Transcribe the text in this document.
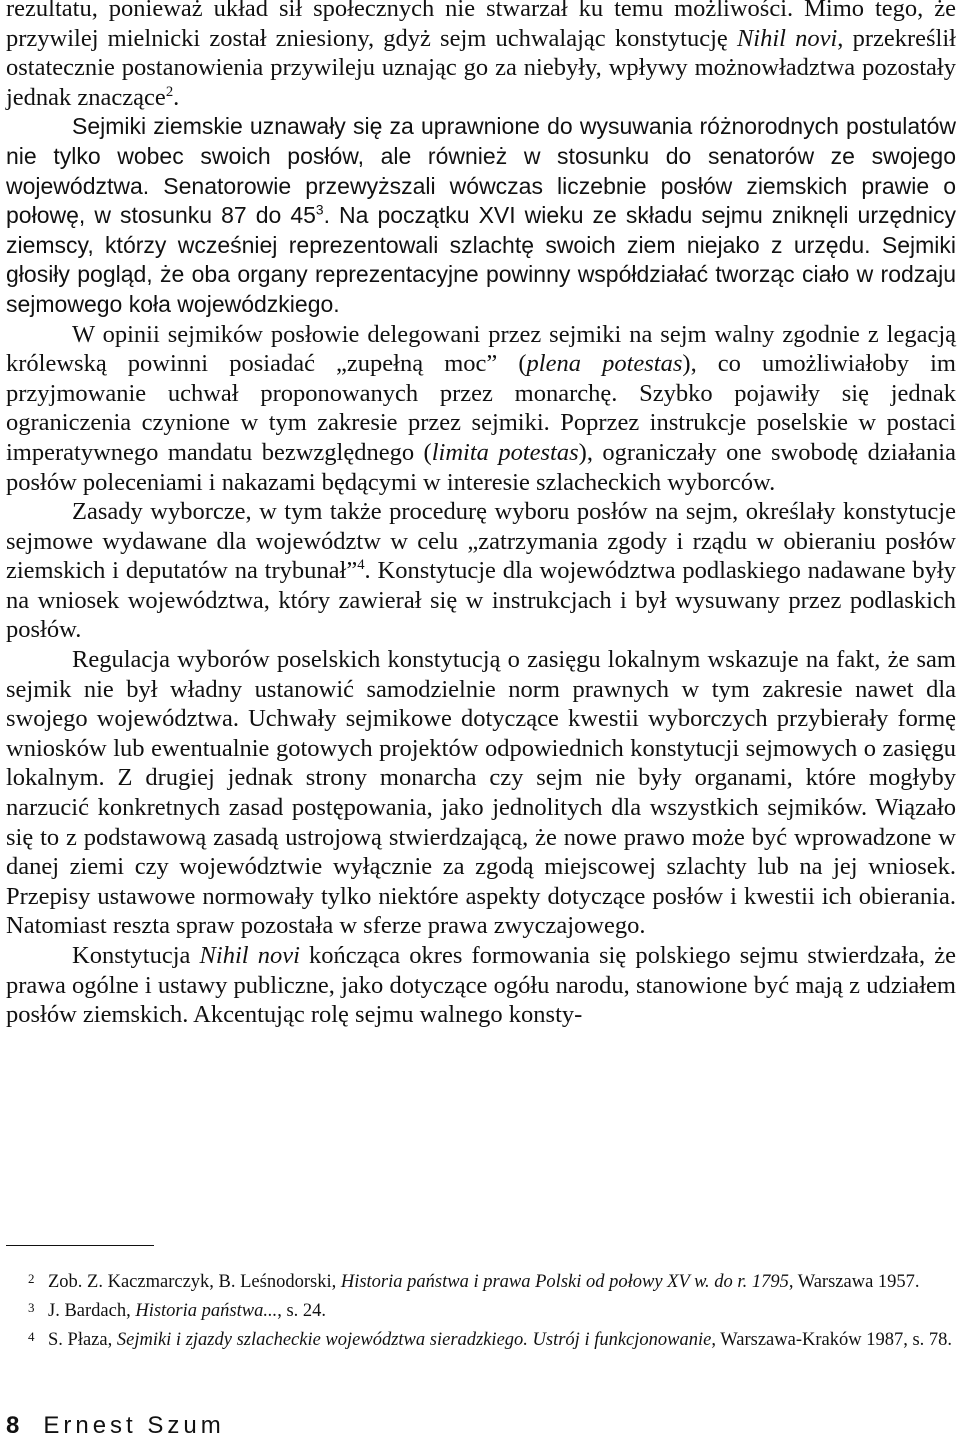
rezultatu, ponieważ układ sił społecznych nie stwarzał ku temu możliwości. Mimo tego, że przywilej mielnicki został zniesiony, gdyż sejm uchwalając konstytucję Nihil novi, przekreślił ostatecznie postanowienia przywileju uznając go za niebyły, wpływy możnowładztwa pozostały jednak znaczące$^2$.

Sejmiki ziemskie uznawały się za uprawnione do wysuwania różnorodnych postulatów nie tylko wobec swoich posłów, ale również w stosunku do senatorów ze swojego województwa. Senatorowie przewyższali wówczas liczebnie posłów ziemskich prawie o połowę, w stosunku 87 do $45^3$. Na początku XVI wieku ze składu sejmu zniknęli urzędnicy ziemscy, którzy wcześniej reprezentowali szlachtę swoich ziem niejako z urzędu. Sejmiki głosiły pogląd, że oba organy reprezentacyjne powinny współdziałać tworząc ciało w rodzaju sejmowego koła wojewódzkiego.

W opinii sejmików posłowie delegowani przez sejmiki na sejm walny zgodnie z legacją królewską powinni posiadać „zupełną moc” (plena potestas), co umożliwiałoby im przyjmowanie uchwał proponowanych przez monarchę. Szybko pojawiły się jednak ograniczenia czynione w tym zakresie przez sejmiki. Poprzez instrukcje poselskie w postaci imperatywnego mandatu bezwzględnego (limita potestas), ograniczały one swobodę działania posłów poleceniami i nakazami będącymi w interesie szlacheckich wyborców.

Zasady wyborcze, w tym także procedurę wyboru posłów na sejm, określały konstytucje sejmowe wydawane dla województw w celu „zatrzymania zgody i rządu w obieraniu posłów ziemskich i deputatów na trybunał”$^4$. Konstytucje dla województwa podlaskiego nadawane były na wniosek województwa, który zawierał się w instrukcjach i był wysuwany przez podlaskich posłów.

Regulacja wyborów poselskich konstytucją o zasięgu lokalnym wskazuje na fakt, że sam sejmik nie był władny ustanowić samodzielnie norm prawnych w tym zakresie nawet dla swojego województwa. Uchwały sejmikowe dotyczące kwestii wyborczych przybierały formę wniosków lub ewentualnie gotowych projektów odpowiednich konstytucji sejmowych o zasięgu lokalnym. Z drugiej jednak strony monarcha czy sejm nie były organami, które mogłyby narzucić konkretnych zasad postępowania, jako jednolitych dla wszystkich sejmików. Wiązało się to z podstawową zasadą ustrojową stwierdzającą, że nowe prawo może być wprowadzone w danej ziemi czy województwie wyłącznie za zgodą miejscowej szlachty lub na jej wniosek. Przepisy ustawowe normowały tylko niektóre aspekty dotyczące posłów i kwestii ich obierania. Natomiast reszta spraw pozostała w sferze prawa zwyczajowego.

Konstytucja Nihil novi kończąca okres formowania się polskiego sejmu stwierdzała, że prawa ogólne i ustawy publiczne, jako dotyczące ogółu narodu, stanowione być mają z udziałem posłów ziemskich. Akcentując rolę sejmu walnego konsty-

2 Zob. Z. Kaczmarczyk, B. Leśnodorski, Historia państwa i prawa Polski od połowy XV w. do r. 1795, Warszawa 1957.

3 J. Bardach, Historia państwa..., s. 24.

4 S. Płaza, Sejmiki i zjazdy szlacheckie województwa sieradzkiego. Ustrój i funkcjonowanie, Warszawa-Kraków 1987, s. 78.

8 Ernest Szum
